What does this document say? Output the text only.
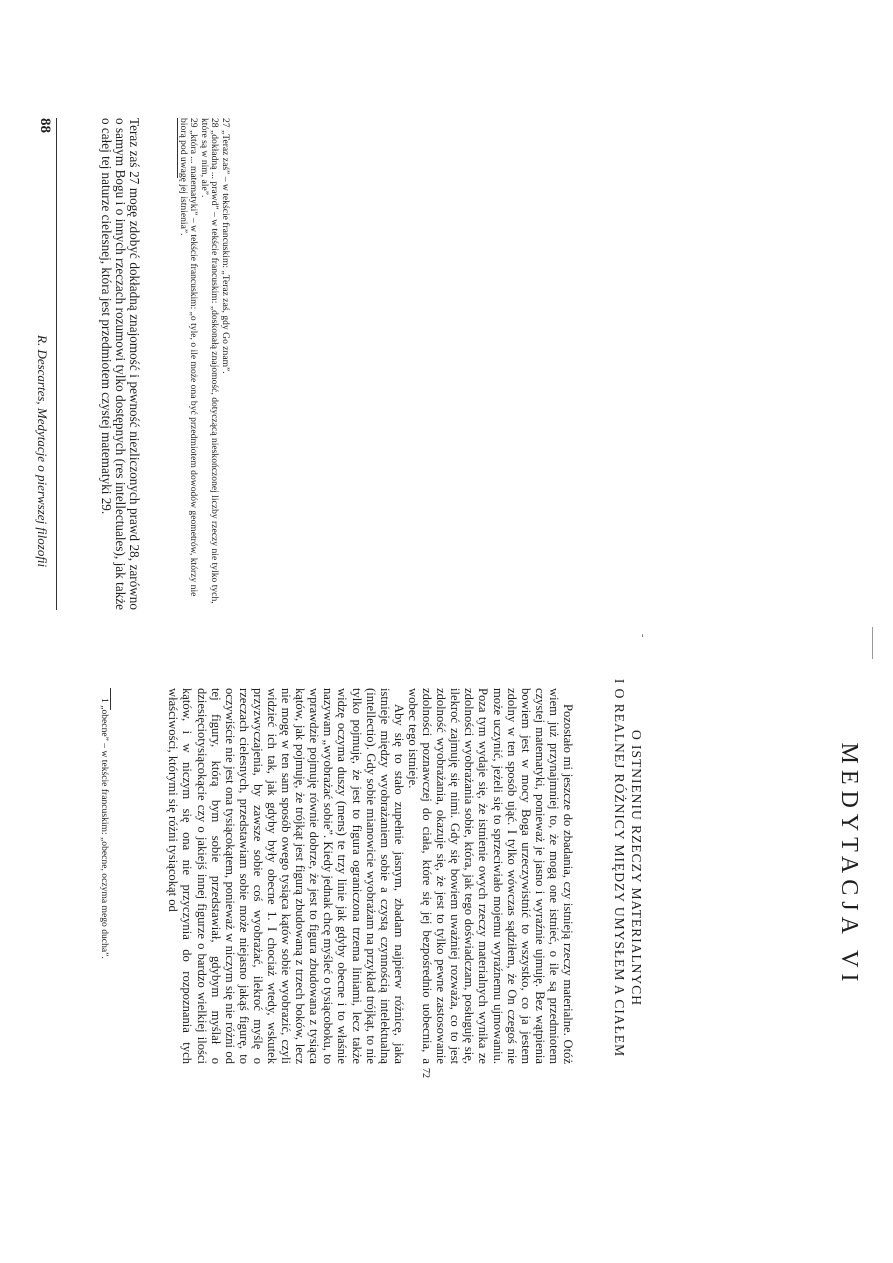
88
R. Descartes, Medytacje o pierwszej filozofii	Teraz zaś 27 mogę zdobyć dokładną znajomość i pewność niezliczonych prawd 28, zarówno o samym Bogu i o innych rzeczach rozumowi tylko dostępnych (res intellectuales), jak także o całej tej naturze cielesnej, która jest przedmiotem czystej matematyki 29.	27 „Teraz zaś” – w tekście francuskim: „Teraz zaś, gdy Go znam”.

28 „dokładną ... prawd” – w tekście francuskim: „doskonałą znajomość, dotyczącą nieskończonej liczby rzeczy nie tylko tych, które są w nim, ale”.

29 „która ... matematyki” – w tekście francuskim: „o tyle, o ile może ona być przedmiotem dowodów geometrów, którzy nie biorą pod uwagę jej istnienia”.

MEDYTACJA VI
O ISTNIENIU RZECZY MATERIALNYCH
I O REALNEJ RÓŻNICY MIĘDZY UMYSŁEM A CIAŁEM
72

Pozostało mi jeszcze do zbadania, czy istnieją rzeczy materialne. Otóż wiem już przynajmniej to, że mogą one istnieć, o ile są przedmiotem czystej matematyki, ponieważ je jasno i wyraźnie ujmuję. Bez wątpienia bowiem jest w mocy Boga urzeczywistnić to wszystko, co ja jestem zdolny w ten sposób ująć. I tylko wówczas sądziłem, że On czegoś nie może uczynić, jeżeli się to sprzeciwiało mojemu wyraźnemu ujmowaniu. Poza tym wydaje się, że istnienie owych rzeczy materialnych wynika ze zdolności wyobrażania sobie, która, jak tego doświadczam, posługuję się, ilekroć zajmuję się nimi. Gdy się bowiem uważniej rozważa, co to jest zdolność wyobrażania, okazuje się, że jest to tylko pewne zastosowanie zdolności poznawczej do ciała, które się jej bezpośrednio uobecnia, a wobec tego istnieje.

Aby się to stało zupełnie jasnym, zbadam najpierw różnicę, jaka istnieje między wyobrażaniem sobie a czystą czynnością intelektualną (intellectio). Gdy sobie mianowicie wyobrażam na przykład trójkąt, to nie tylko pojmuję, że jest to figura ograniczona trzema liniami, lecz także widzę oczyma duszy (mens) te trzy linie jak gdyby obecne i to właśnie nazywam „wyobrażać sobie”. Kiedy jednak chcę myśleć o tysiącoboku, to wprawdzie pojmuję równie dobrze, że jest to figura zbudowana z tysiąca kątów, jak pojmuję, że trójkąt jest figurą zbudowaną z trzech boków, lecz nie mogę w ten sam sposób owego tysiąca kątów sobie wyobrazić, czyli widzieć ich tak, jak gdyby były obecne 1. I chociaż wtedy, wskutek przyzwyczajenia, by zawsze sobie coś wyobrażać, ilekroć myślę o rzeczach cielesnych, przedstawiam sobie może niejasno jakąś figurę, to oczywiście nie jest ona tysiącokątem, ponieważ w niczym się nie różni od tej figury, którą bym sobie przedstawiał, gdybym myślał o dziesięciotysiącokącie czy o jakiejś innej figurze o bardzo wielkiej ilości kątów, i w niczym się ona nie przyczynia do rozpoznania tych właściwości, którymi się różni tysiącokąt od

1 „obecne” – w tekście francuskim: „obecne, oczyma mego ducha”.
-
